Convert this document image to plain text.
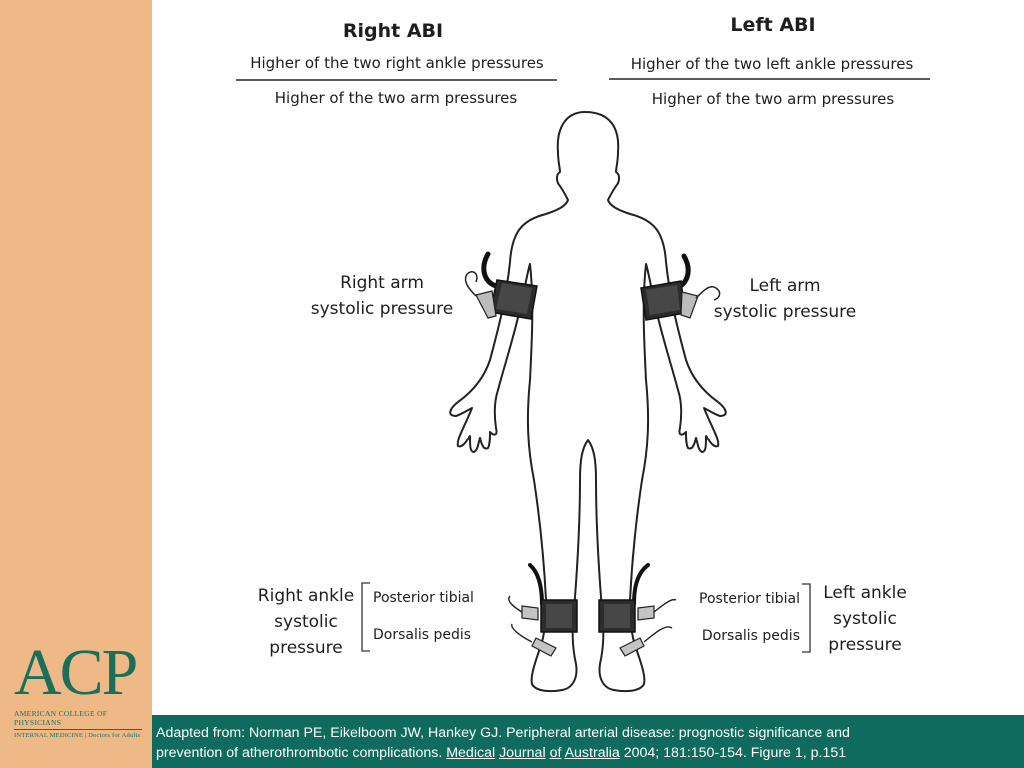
ACP
AMERICAN COLLEGE OF PHYSICIANS
INTERNAL MEDICINE | Doctors for Adults
Right ABI
Higher of the two right ankle pressures
Higher of the two arm pressures
Left ABI
Higher of the two left ankle pressures
Higher of the two arm pressures
Right arm
systolic pressure
Left arm
systolic pressure
Right ankle
systolic
pressure
Posterior tibial
Dorsalis pedis
Posterior tibial
Dorsalis pedis
Left ankle
systolic
pressure
Adapted from: Norman PE, Eikelboom JW, Hankey GJ. Peripheral arterial disease: prognostic significance and
prevention of atherothrombotic complications. Medical Journal of Australia 2004; 181:150-154. Figure 1, p.151
